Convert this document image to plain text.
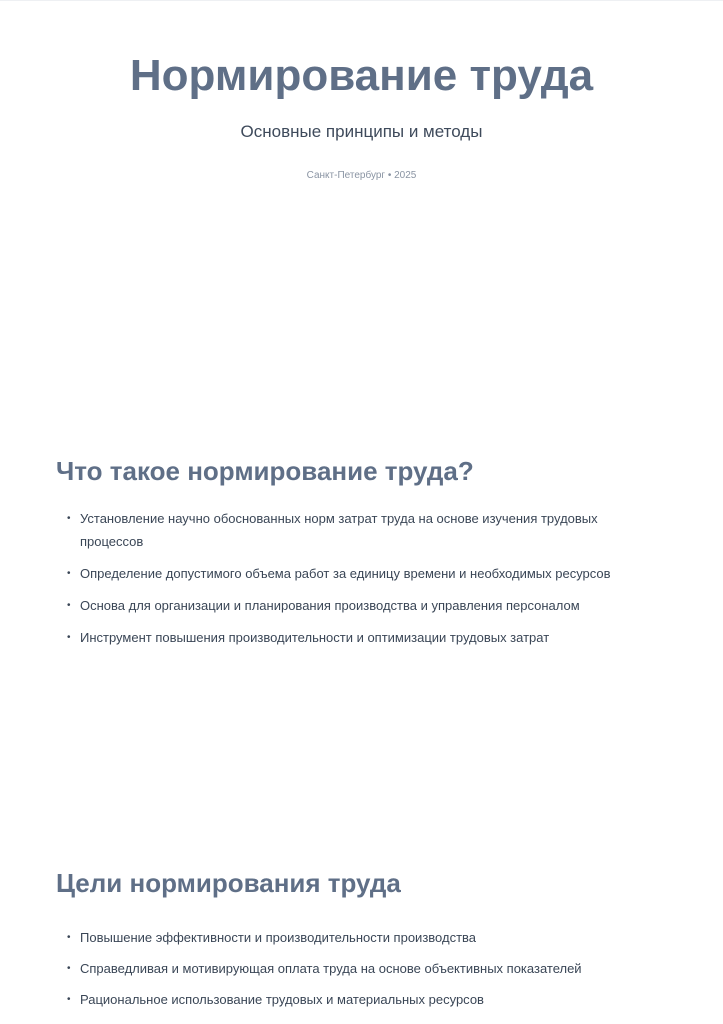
Нормирование труда

Основные принципы и методы

Санкт-Петербург • 2025

Что такое нормирование труда?
• Установление научно обоснованных норм затрат труда на основе изучения трудовых процессов
• Определение допустимого объема работ за единицу времени и необходимых ресурсов
• Основа для организации и планирования производства и управления персоналом
• Инструмент повышения производительности и оптимизации трудовых затрат
Цели нормирования труда
• Повышение эффективности и производительности производства
• Справедливая и мотивирующая оплата труда на основе объективных показателей
• Рациональное использование трудовых и материальных ресурсов
